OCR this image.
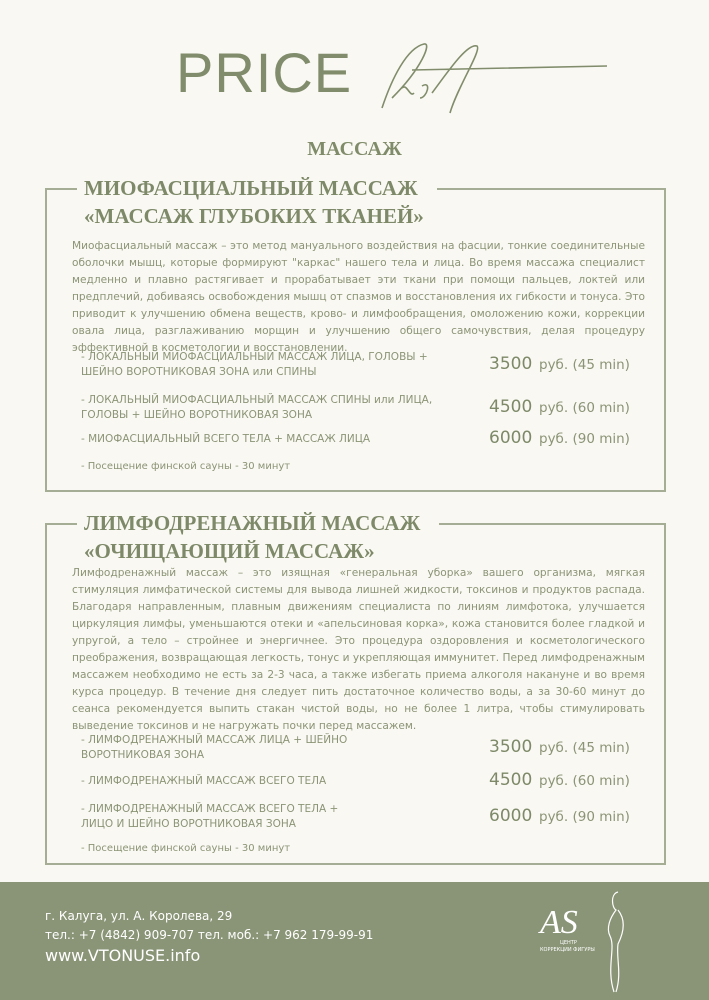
PRICE
МАССАЖ
МИОФАСЦИАЛЬНЫЙ МАССАЖ
«МАССАЖ ГЛУБОКИХ ТКАНЕЙ»
Миофасциальный массаж – это метод мануального воздействия на фасции, тонкие соединительные оболочки мышц, которые формируют "каркас" нашего тела и лица. Во время массажа специалист медленно и плавно растягивает и прорабатывает эти ткани при помощи пальцев, локтей или предплечий, добиваясь освобождения мышц от спазмов и восстановления их гибкости и тонуса. Это приводит к улучшению обмена веществ, крово- и лимфообращения, омоложению кожи, коррекции овала лица, разглаживанию морщин и улучшению общего самочувствия, делая процедуру эффективной в косметологии и восстановлении.
- ЛОКАЛЬНЫЙ МИОФАСЦИАЛЬНЫЙ МАССАЖ ЛИЦА, ГОЛОВЫ + ШЕЙНО ВОРОТНИКОВАЯ ЗОНА или СПИНЫ	3500 руб. (45 min)
- ЛОКАЛЬНЫЙ МИОФАСЦИАЛЬНЫЙ МАССАЖ СПИНЫ или ЛИЦА, ГОЛОВЫ + ШЕЙНО ВОРОТНИКОВАЯ ЗОНА	4500 руб. (60 min)
- МИОФАСЦИАЛЬНЫЙ ВСЕГО ТЕЛА + МАССАЖ ЛИЦА	6000 руб. (90 min)
- Посещение финской сауны - 30 минут
ЛИМФОДРЕНАЖНЫЙ МАССАЖ
«ОЧИЩАЮЩИЙ МАССАЖ»
Лимфодренажный массаж – это изящная «генеральная уборка» вашего организма, мягкая стимуляция лимфатической системы для вывода лишней жидкости, токсинов и продуктов распада. Благодаря направленным, плавным движениям специалиста по линиям лимфотока, улучшается циркуляция лимфы, уменьшаются отеки и «апельсиновая корка», кожа становится более гладкой и упругой, а тело – стройнее и энергичнее. Это процедура оздоровления и косметологического преображения, возвращающая легкость, тонус и укрепляющая иммунитет. Перед лимфодренажным массажем необходимо не есть за 2-3 часа, а также избегать приема алкоголя накануне и во время курса процедур. В течение дня следует пить достаточное количество воды, а за 30-60 минут до сеанса рекомендуется выпить стакан чистой воды, но не более 1 литра, чтобы стимулировать выведение токсинов и не нагружать почки перед массажем.
- ЛИМФОДРЕНАЖНЫЙ МАССАЖ ЛИЦА + ШЕЙНО ВОРОТНИКОВАЯ ЗОНА	3500 руб. (45 min)
- ЛИМФОДРЕНАЖНЫЙ МАССАЖ ВСЕГО ТЕЛА	4500 руб. (60 min)
- ЛИМФОДРЕНАЖНЫЙ МАССАЖ ВСЕГО ТЕЛА + ЛИЦО И ШЕЙНО ВОРОТНИКОВАЯ ЗОНА	6000 руб. (90 min)
- Посещение финской сауны - 30 минут
г. Калуга, ул. А. Королева, 29
тел.: +7 (4842) 909-707 тел. моб.: +7 962 179-99-91
www.VTONUSE.info
AS
ЦЕНТР
КОРРЕКЦИИ ФИГУРЫ
